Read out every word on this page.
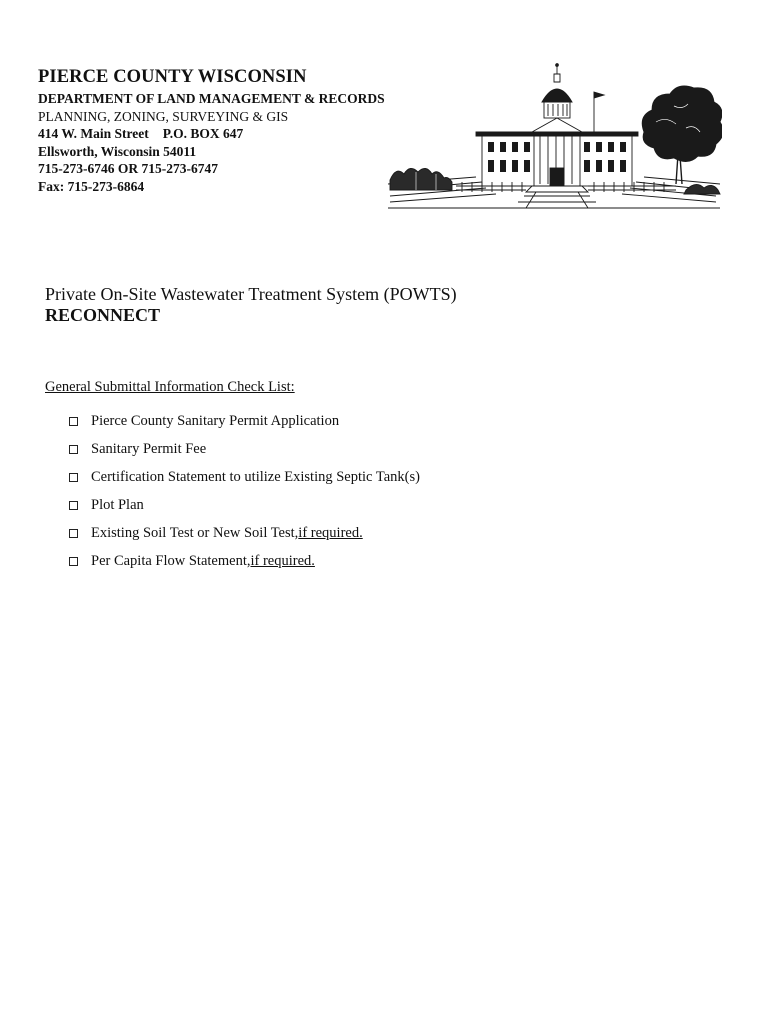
PIERCE COUNTY WISCONSIN
DEPARTMENT OF LAND MANAGEMENT & RECORDS
PLANNING, ZONING, SURVEYING & GIS
414 W. Main Street P.O. BOX 647
Ellsworth, Wisconsin 54011
715-273-6746 OR 715-273-6747
Fax: 715-273-6864
Private On-Site Wastewater Treatment System (POWTS)
RECONNECT
General Submittal Information Check List:
Pierce County Sanitary Permit Application
Sanitary Permit Fee
Certification Statement to utilize Existing Septic Tank(s)
Plot Plan
Existing Soil Test or New Soil Test, if required.
Per Capita Flow Statement, if required.
